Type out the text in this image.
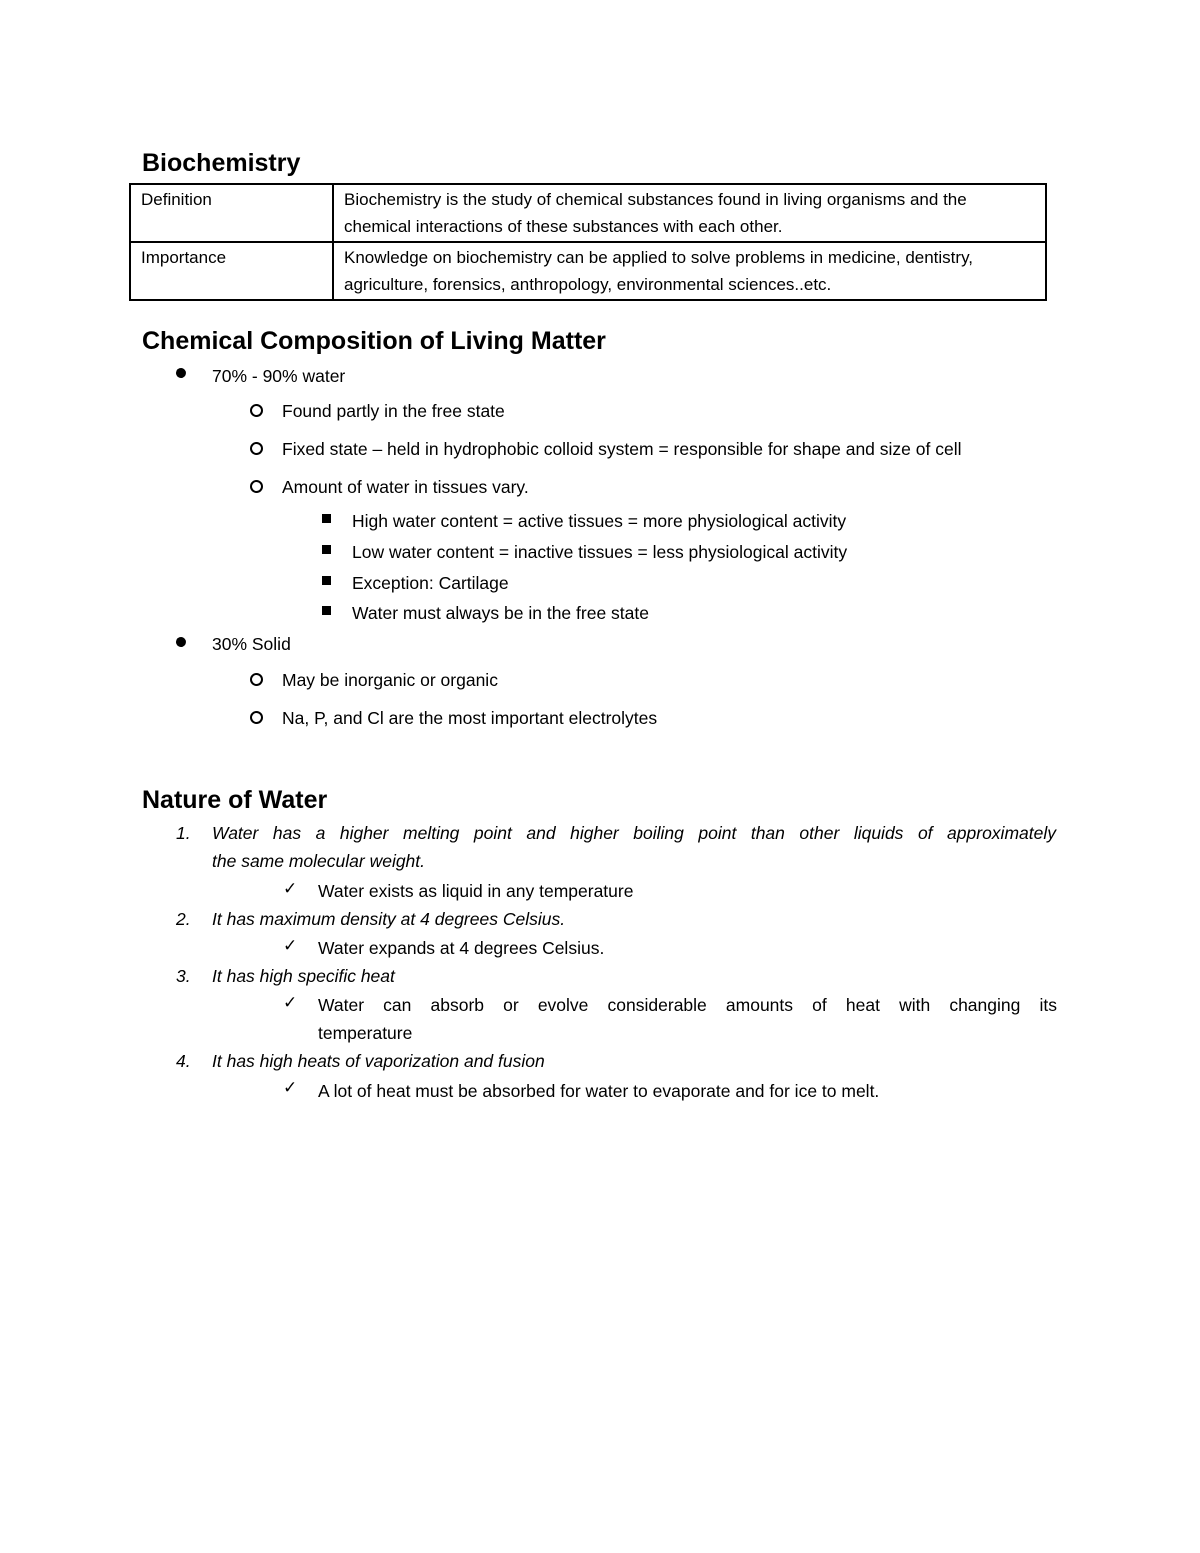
Biochemistry
Definition	Biochemistry is the study of chemical substances found in living organisms and the chemical interactions of these substances with each other.
Importance	Knowledge on biochemistry can be applied to solve problems in medicine, dentistry, agriculture, forensics, anthropology, environmental sciences..etc.
Chemical Composition of Living Matter
70% - 90% water
Found partly in the free state
Fixed state – held in hydrophobic colloid system = responsible for shape and size of cell
Amount of water in tissues vary.
High water content = active tissues = more physiological activity
Low water content = inactive tissues = less physiological activity
Exception: Cartilage
Water must always be in the free state
30% Solid
May be inorganic or organic
Na, P, and Cl are the most important electrolytes
Nature of Water
1. Water has a higher melting point and higher boiling point than other liquids of approximately
the same molecular weight.
✓ Water exists as liquid in any temperature
2. It has maximum density at 4 degrees Celsius.
✓ Water expands at 4 degrees Celsius.
3. It has high specific heat
✓ Water can absorb or evolve considerable amounts of heat with changing its
temperature
4. It has high heats of vaporization and fusion
✓ A lot of heat must be absorbed for water to evaporate and for ice to melt.
